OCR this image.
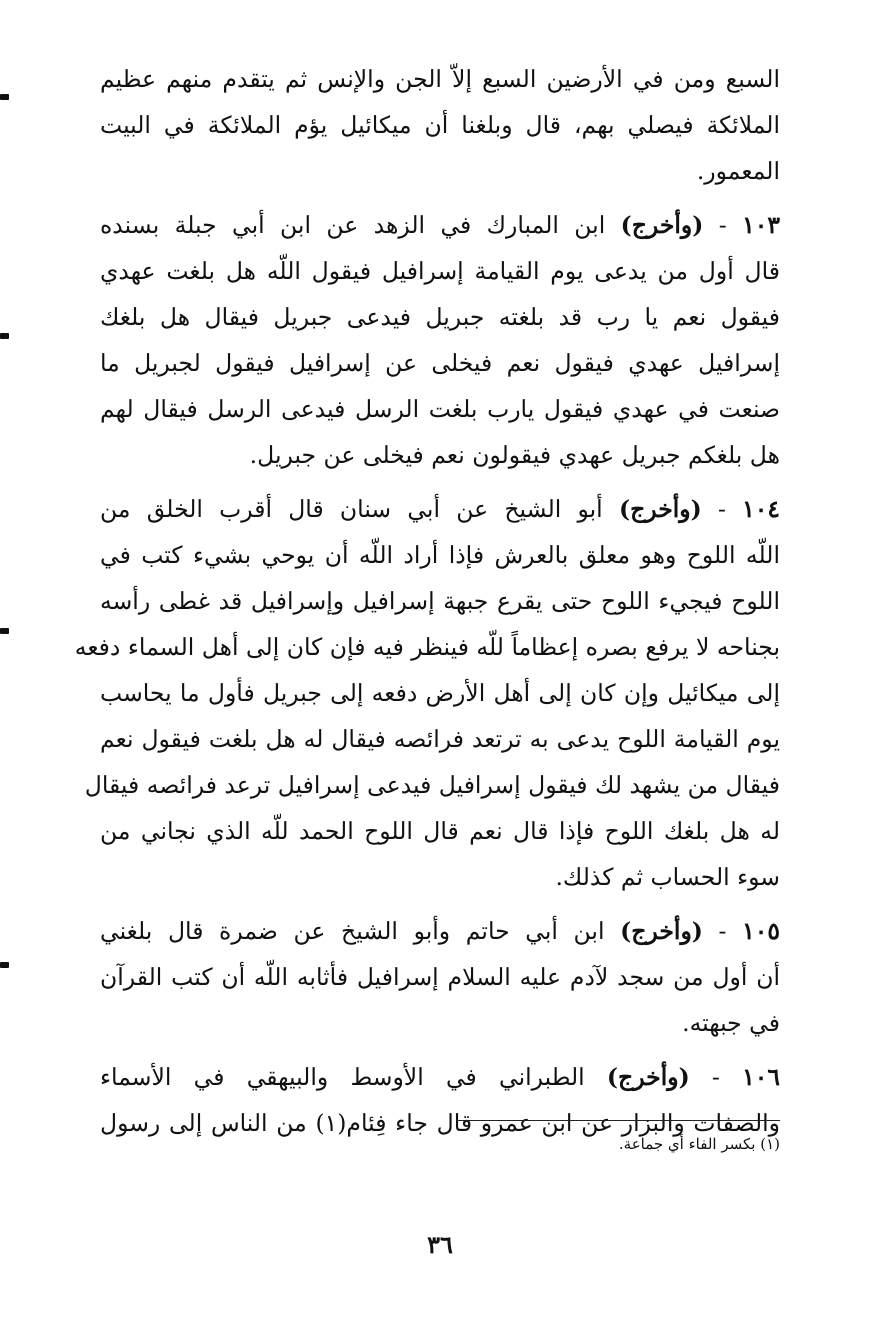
السبع ومن في الأرضين السبع إلاّ الجن والإنس ثم يتقدم منهم عظيم
الملائكة فيصلي بهم، قال وبلغنا أن ميكائيل يؤم الملائكة في البيت
المعمور.

١٠٣ - (وأخرج) ابن المبارك في الزهد عن ابن أبي جبلة بسنده
قال أول من يدعى يوم القيامة إسرافيل فيقول اللّه هل بلغت عهدي
فيقول نعم يا رب قد بلغته جبريل فيدعى جبريل فيقال هل بلغك
إسرافيل عهدي فيقول نعم فيخلى عن إسرافيل فيقول لجبريل ما
صنعت في عهدي فيقول يارب بلغت الرسل فيدعى الرسل فيقال لهم
هل بلغكم جبريل عهدي فيقولون نعم فيخلى عن جبريل.

١٠٤ - (وأخرج) أبو الشيخ عن أبي سنان قال أقرب الخلق من
اللّه اللوح وهو معلق بالعرش فإذا أراد اللّه أن يوحي بشيء كتب في
اللوح فيجيء اللوح حتى يقرع جبهة إسرافيل وإسرافيل قد غطى رأسه
بجناحه لا يرفع بصره إعظاماً للّه فينظر فيه فإن كان إلى أهل السماء دفعه
إلى ميكائيل وإن كان إلى أهل الأرض دفعه إلى جبريل فأول ما يحاسب
يوم القيامة اللوح يدعى به ترتعد فرائصه فيقال له هل بلغت فيقول نعم
فيقال من يشهد لك فيقول إسرافيل فيدعى إسرافيل ترعد فرائصه فيقال
له هل بلغك اللوح فإذا قال نعم قال اللوح الحمد للّه الذي نجاني من
سوء الحساب ثم كذلك.

١٠٥ - (وأخرج) ابن أبي حاتم وأبو الشيخ عن ضمرة قال بلغني
أن أول من سجد لآدم عليه السلام إسرافيل فأثابه اللّه أن كتب القرآن
في جبهته.

١٠٦ - (وأخرج) الطبراني في الأوسط والبيهقي في الأسماء
والصفات والبزار عن ابن عمرو قال جاء فِئام(١) من الناس إلى رسول

(١) بكسر الفاء أي جماعة.
٣٦
